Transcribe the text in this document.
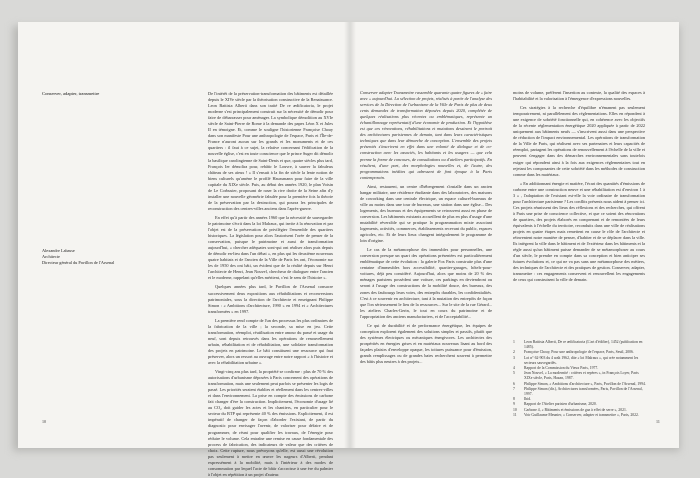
Conserver, adapter, transmettre
Alexandre Labasse
Architecte
Directeur général du Pavillon de l'Arsenal

De l'intérêt de la préservation-transformation des bâtiments est détaillée depuis le XIVe siècle par la théorisation constructive de la Renaissance. Leon Battista Alberti dans son traité De re ædificatoria, le projet moderne s'est principalement construit sur la nécessité de démolir pour faire de débarrasser pour aménager. La symbolique démolition au XVIe siècle de Saint-Pierre de Rome à la demande des papes Léon X et Jules II en témoigne. Et, comme le souligne l'historienne Françoise Choay dans son manifeste Pour une anthropologie de l'espace, Paris et l'Île-de-France n'auront aucun sur les grands et les monuments et de ces quartiers : il faut à ce sujet, la relative concernant l'édification de la nouvelle église, c'est en toute conscience que le prince Suger dit démolir la basilique carolingienne de Saint-Denis et que, quatre siècles plus tard, François Ier démolira pour, rebâtir le Louvre, à sauver la fabuleux château de ses aïeux ! » Il s'ensuit à la fin de siècle la lente notion de biens culturels qu'amène le profilé Haussmann pour faire de la ville capitale du XIXe siècle. Puis, au début des années 1920, le plan Voisin de Le Corbusier, proposant de raser la rive droite de la Seine afin d'y installer une nouvelle géométrie fabulée pour la première fois la théorie de la préservation par la destruction, qui pourra les principales de reconstruction des centres-villes anciens dans l'après-guerre.

En effet qu'à partir des années 1960 que la nécessité de sauvegarder le patrimoine s'écrit dans la loi Malraux, qui invite à la rénovation et par l'objet est de la préservation de privilégier l'ensemble des quartiers historiques. La législation pour alors l'autorisent l'orée de penser de la conservation, puisque le patrimoine et aussi de transformation aujourd'hui, « chercher adéquates sont-qui ont réaliser alors puis depuis de démolir en-lieu dans l'un débat », en plus qui les deuxième nouveaux quatre habitats et de l'ancien de la Ville de Paris les ont, l'économie sur les de 1950 des ont bâti, un évident que de la réalité depuis sur Henri l'architecte de Henri, Jean Nouvel, chercheur de dialoguer entre l'ancien et le moderne, rappelant qu'elles méritent, c'est le sens de l'histoire ».

Quelques années plus tard, le Pavillon de l'Arsenal consacre successivement deux expositions aux réhabilitations et reconversions patrimoniales, sous la direction de l'architecte et enseignant Philippe Simon : « Ambitions d'architecture, 1990 » en 1994 et « Architectures transformées » en 1997.

La première rend compte de l'un des processus les plus ordinaires de la fabrication de la ville ; la seconde, sa mise en jeu. Cette transformation, réemploi, réutilisation entre amour du passé et usage du neuf, sont depuis retrouvés dans les opérations de renouvellement urbain, réhabilitation et de réhabilitation, une solidaire transformation des projets en patrimoine. Le bâti constituent une ressource qui faut préserver, alors un ressort au ouvrage entre notre rapport « à l'histoire et avec la réhabilitation urbaine ».

Vingt-cinq ans plus tard, la propriété se confirme : plus de 70 % des autorisations d'urbanisme déposées à Paris concernent des opérations de transformation, mais une seulement peut parfois se présenter les logis de passé. Les priorités seraient établies et réellement dans les centres-villes et dans l'environnement. La prise en compte des émissions de carbone fait changer d'ère la construction. Implicitement, l'économie d'usage lié au CO₂ doit guider les actes et les chantiers, en particulier pour le secteur du BTP qui représente 40 % des émissions. Explicitement, il est impératif de changer de façon d'aborder l'existant, de partir du diagnostic pour envisager l'avenir, de valoriser pour défaire et de programmer, de réuni pour qualifier les travaux, de l'énergie pour réduire le volume. Cela entraîne une remise en cause fondamentale des process de fabrication, des indicateurs de valeur que des critères de choix. Cette rupture, nous prévoyons qu'elle, est aussi une révolution pas seulement à mettre en œuvre les nageurs d'Alberti, pendant expressément à la mobilité, mais à l'intérieur à des modes de consommation par lequel l'acte de bâtir s'accroisse à une ère du palmier à l'objet en répétition à un projet d'auteur.

10

Conserver adapter Transmettre rassemble quarante quatre figures de « faire avec » aujourd'hui. La sélection de projets, réalisés à partir de l'analyse des services de la Direction de l'urbanisme de la Ville de Paris de plus de deux cents demandes de transformation déposées depuis 2020, complétée de quelques réalisations plus récentes ou emblématiques, représente un échantillonnage représentatif d'une économie de production. Et l'hypothèse est que ces rénovations, réhabilitations et mutations dessinent le portrait des architectures parisiennes de demain, tant dans leurs caractéristiques techniques que dans leur démarche de conception. L'ensemble des projets présentés s'inscrivent en effet dans une volonté de dialogue et de co-construction avec les associés, les habitants et les usagers — que cela prenne la forme de concours, de consultations ou d'ateliers participatifs. En résultent, d'une part, des morphologies nouvelles et, de l'autre, des programmations inédites qui adressent de font époque à la Paris contemporain.

Ainsi, restaurent, un centre d'hébergement s'installe dans un ancien hangar militaire, une résidence étudiante dans des laboratoires, des maisons de coworking dans une centrale électrique, un espace culturel-bureaux de ville au moins dans une tour de bureaux, une station dans une église... Des logements, des bureaux et des équipements se retrouvent aussi en phase de conversion. Les bâtiments existants accueillent de plus en plus d'usage d'une mutabilité réversible qui se pratique la programmation mixte associant logements, activités, commerces, établissements recevant du public, espaces agricoles, etc. Et de leurs lieux changent intégralement le programme de loin d'origine.

Le cas de la métamorphose des immeubles pour personnelles, une conversion presque un quart des opérations présentées est particulièrement emblématique de cette évolution : la galerie Fox Paris construite plus d'une centaine d'immeubles hors accessibilité, quartier-garages, hôtels-pour-voitures, déjà peu considéré. Aujourd'hui, alors que moins de 20 % des ménages parisiens possèdent une voiture, ces parkings en deviendront ou seront à l'usage des constructions de la mobilité douce, des bureaux, des zones des faubourgs leurs voies, des entrepôts durables, les confidentialités. C'est à ce souvenir en architecture, tant à la mutation des entrepôts de façon que l'on sérieusement le lieu de la ressources... Sur le site de la rue Gérard... les ateliers Charles-Gerin, le tout en cours du patrimoine et de l'appropriation des anciens manufacturiers, et de l'acceptabilité...

Ce qui de durabilité et de performance énergétique, les équipes de conception explorent également des solutions simples et passifs, plutôt que des systèmes électriques ou mécaniques énergivores. Les architectes des prospérités en énergies grises et en matériaux nouveaux lisant au bord des façades plaisirs d'enveloppe opaque, les toitures puissance pour d'émission, grands remplissages ou de grandes baies recherchent souvent à permettre des bâtis plus neutres à des projets...

moins de volume, préfèrent l'insertion au contexte, la qualité des espaces à l'habitabilité et la valorisation à l'émergence d'expressions nouvelles.

Ces stratégies à la recherche d'équilibre n'émanent pas seulement temporairement, ni parallèlement des réglementations. Elles en répondent à une exigence de sobriété fonctionnelle qui, en cohérence avec les objectifs de la récente réglementation énergétique 2020 appliquée à partir de 2022 uniquement aux bâtiments neufs — s'inscrivent aussi dans une perspective de réduction de l'impact environnemental. Les opérations de transformation de la Ville de Paris, qui réalisent avec ses partenaires et leurs capacités de réemploi, partagent les opérations de renouvellement à l'échelle de la ville et peuvent s'engager dans des démarches environnementales sans toutefois exiger qui répondent ainsi à la fois aux exigences réglementaires tout en rejetant les composantes de cette sobriété dans les méthodes de construction comme dans les matériaux.

« En additionnant énergie et matière, l'écart des quantités d'émissions de carbone entre une construction neuve et une réhabilitation est d'environ 1 à 3 » , l'adaptation de l'existant est-elle la voie ordinaire de transformation pour l'architecture parisienne ? Les conflits présents nous aident à penser ici. Ces projets réunissent des lieux des réflexions et des recherches, qui offrent à Paris une prise de conscience collective, et que ce soient des rénovations de quartiers, des projets élaborés en comprenant et de remontées de leurs équivalents à l'échelle du territoire, reconduits dans une ville de réalisations projets en quatre étapes mais remettent en cause le rôle de l'architecte et réinventent notre manière de penser, d'habiter et de se déplacer dans la ville. Ils intègrent la ville dans le bâtiment et de l'extérieur dans les bâtiments et la règle aussi qu'un bâtiment puisse demander de se métamorphoser au cours d'un siècle, le prendre en compte dans sa conception et bien anticiper ses futures évolutions et, ce qui ne va pas sans une métamorphose des métiers, des techniques de l'architecte et des pratiques de gestion. Conserver, adapter, transmettre : ces engagements conservent et renouvellent les engagements de ceux qui construisent la ville de demain.

1	Leon Battista Alberti, De re ædificatoria (L'art d'édifier), 1452 (publication en 1485).
2	Françoise Choay, Pour une anthropologie de l'espace, Paris, Seuil, 2006.
3	Loi n° 62-903 du 4 août 1962, dite « loi Malraux », qui crée notamment les secteurs sauvegardés.
4	Rapport de la Commission du Vieux Paris, 1977.
5	Jean Nouvel, « La modernité : critères et repères », in François Loyer, Paris XIXe siècle, Paris, Hazan, 1987.
6	Philippe Simon, « Ambitions d'architecture », Paris, Pavillon de l'Arsenal, 1994.
7	Philippe Simon (dir.), Architectures transformées, Paris, Pavillon de l'Arsenal, 1997.
8	Ibid.
9	Rapport de l'Atelier parisien d'urbanisme, 2020.
10	Carbone 4, « Bâtiments et émissions de gaz à effet de serre », 2021.
11	Voir Guillaume Meunier, « Conserver, adapter et transmettre », Paris, 2022.
11
